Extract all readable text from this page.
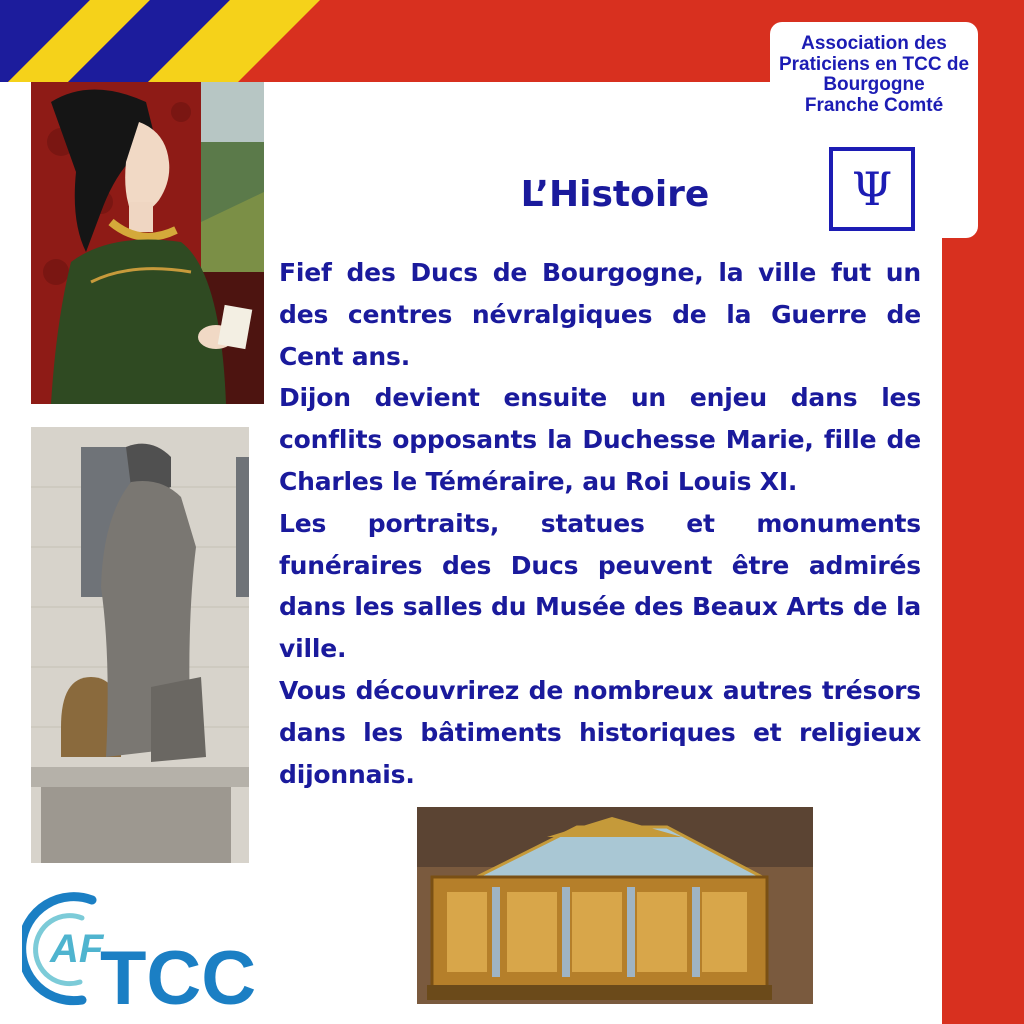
Association des
Praticiens en TCC de
Bourgogne
Franche Comté
Ψ
L’Histoire

Fief des Ducs de Bourgogne, la ville fut un des centres névralgiques de la Guerre de Cent ans.

Dijon devient ensuite un enjeu dans les conflits opposants la Duchesse Marie, fille de Charles le Téméraire, au Roi Louis XI.

Les portraits, statues et monuments funéraires des Ducs peuvent être admirés dans les salles du Musée des Beaux Arts de la ville.

Vous découvrirez de nombreux autres trésors dans les bâtiments historiques et religieux dijonnais.

AF
TCC
